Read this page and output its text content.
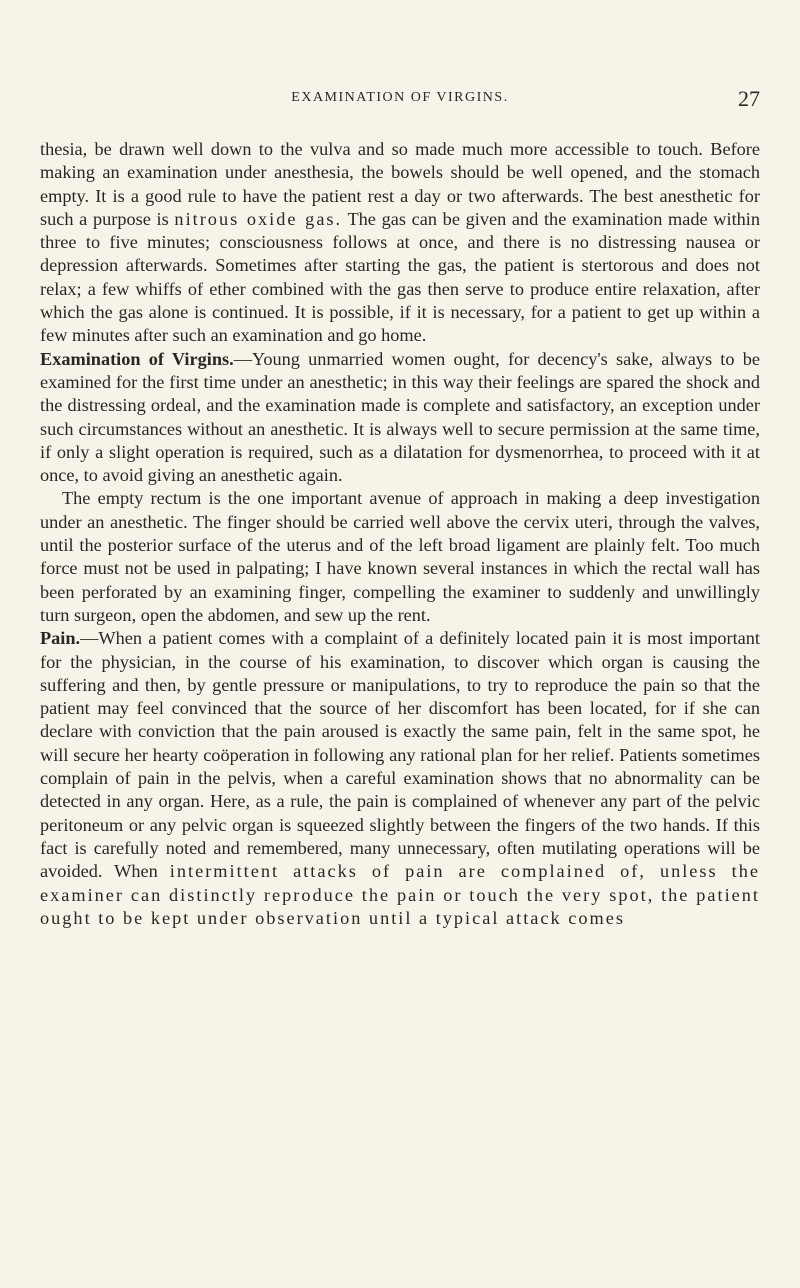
EXAMINATION OF VIRGINS.	27

thesia, be drawn well down to the vulva and so made much more accessible to touch. Before making an examination under anesthesia, the bowels should be well opened, and the stomach empty. It is a good rule to have the patient rest a day or two afterwards. The best anesthetic for such a purpose is nitrous oxide gas. The gas can be given and the examination made within three to five minutes; consciousness follows at once, and there is no distressing nausea or depression afterwards. Sometimes after starting the gas, the patient is stertorous and does not relax; a few whiffs of ether combined with the gas then serve to produce entire relaxation, after which the gas alone is continued. It is possible, if it is necessary, for a patient to get up within a few minutes after such an examination and go home.

Examination of Virgins.—Young unmarried women ought, for decency's sake, always to be examined for the first time under an anesthetic; in this way their feelings are spared the shock and the distressing ordeal, and the examination made is complete and satisfactory, an exception under such circumstances without an anesthetic. It is always well to secure permission at the same time, if only a slight operation is required, such as a dilatation for dysmenorrhea, to proceed with it at once, to avoid giving an anesthetic again.

The empty rectum is the one important avenue of approach in making a deep investigation under an anesthetic. The finger should be carried well above the cervix uteri, through the valves, until the posterior surface of the uterus and of the left broad ligament are plainly felt. Too much force must not be used in palpating; I have known several instances in which the rectal wall has been perforated by an examining finger, compelling the examiner to suddenly and unwillingly turn surgeon, open the abdomen, and sew up the rent.

Pain.—When a patient comes with a complaint of a definitely located pain it is most important for the physician, in the course of his examination, to discover which organ is causing the suffering and then, by gentle pressure or manipulations, to try to reproduce the pain so that the patient may feel convinced that the source of her discomfort has been located, for if she can declare with conviction that the pain aroused is exactly the same pain, felt in the same spot, he will secure her hearty coöperation in following any rational plan for her relief. Patients sometimes complain of pain in the pelvis, when a careful examination shows that no abnormality can be detected in any organ. Here, as a rule, the pain is complained of whenever any part of the pelvic peritoneum or any pelvic organ is squeezed slightly between the fingers of the two hands. If this fact is carefully noted and remembered, many unnecessary, often mutilating operations will be avoided. When intermittent attacks of pain are complained of, unless the examiner can distinctly reproduce the pain or touch the very spot, the patient ought to be kept under observation until a typical attack comes
